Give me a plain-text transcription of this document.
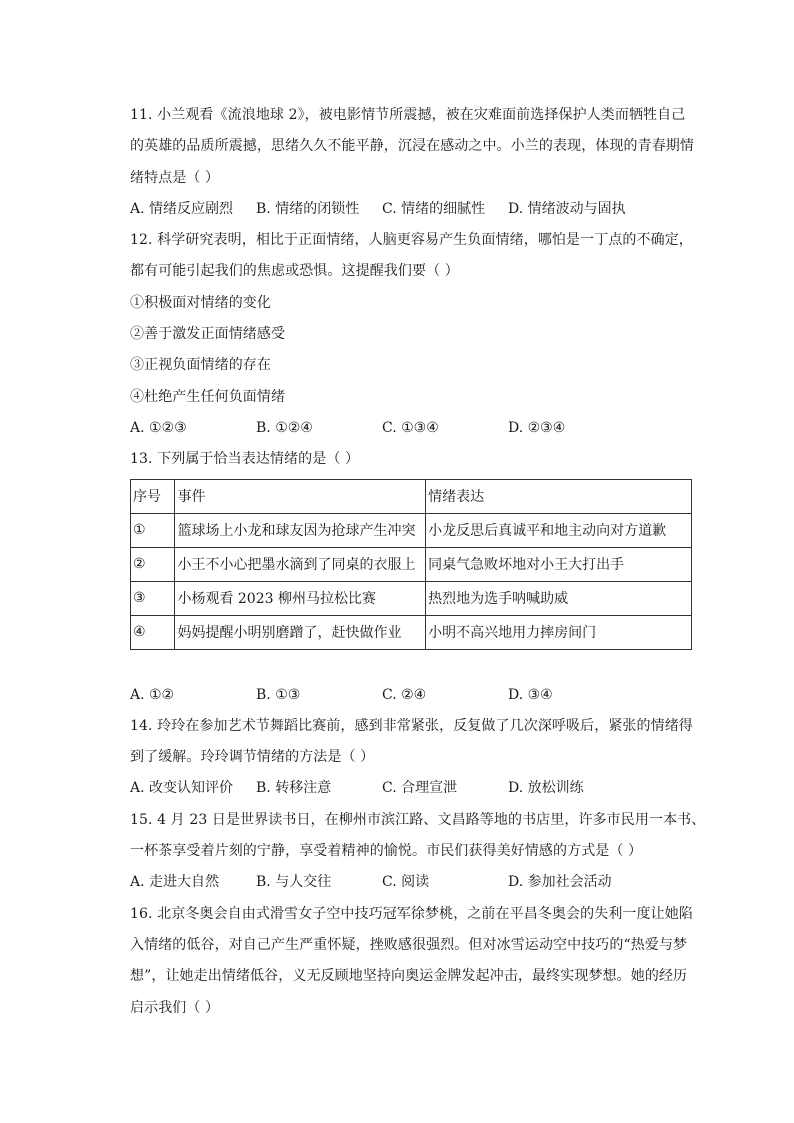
11. 小兰观看《流浪地球 2》，被电影情节所震撼，被在灾难面前选择保护人类而牺牲自己
的英雄的品质所震撼，思绪久久不能平静，沉浸在感动之中。小兰的表现，体现的青春期情
绪特点是（ ）
A. 情绪反应剧烈	B. 情绪的闭锁性	C. 情绪的细腻性	D. 情绪波动与固执
12. 科学研究表明，相比于正面情绪，人脑更容易产生负面情绪，哪怕是一丁点的不确定，
都有可能引起我们的焦虑或恐惧。这提醒我们要（ ）
①积极面对情绪的变化
②善于激发正面情绪感受
③正视负面情绪的存在
④杜绝产生任何负面情绪
A. ①②③	B. ①②④	C. ①③④	D. ②③④
13. 下列属于恰当表达情绪的是（ ）
序号	事件	情绪表达
①	篮球场上小龙和球友因为抢球产生冲突	小龙反思后真诚平和地主动向对方道歉
②	小王不小心把墨水滴到了同桌的衣服上	同桌气急败坏地对小王大打出手
③	小杨观看 2023 柳州马拉松比赛	热烈地为选手呐喊助威
④	妈妈提醒小明别磨蹭了，赶快做作业	小明不高兴地用力摔房间门
A. ①②	B. ①③	C. ②④	D. ③④
14. 玲玲在参加艺术节舞蹈比赛前，感到非常紧张，反复做了几次深呼吸后，紧张的情绪得
到了缓解。玲玲调节情绪的方法是（ ）
A. 改变认知评价	B. 转移注意	C. 合理宣泄	D. 放松训练
15. 4 月 23 日是世界读书日，在柳州市滨江路、文昌路等地的书店里，许多市民用一本书、
一杯茶享受着片刻的宁静，享受着精神的愉悦。市民们获得美好情感的方式是（ ）
A. 走进大自然	B. 与人交往	C. 阅读	D. 参加社会活动
16. 北京冬奥会自由式滑雪女子空中技巧冠军徐梦桃，之前在平昌冬奥会的失利一度让她陷
入情绪的低谷，对自己产生严重怀疑，挫败感很强烈。但对冰雪运动空中技巧的“热爱与梦
想”，让她走出情绪低谷，义无反顾地坚持向奥运金牌发起冲击，最终实现梦想。她的经历
启示我们（ ）
